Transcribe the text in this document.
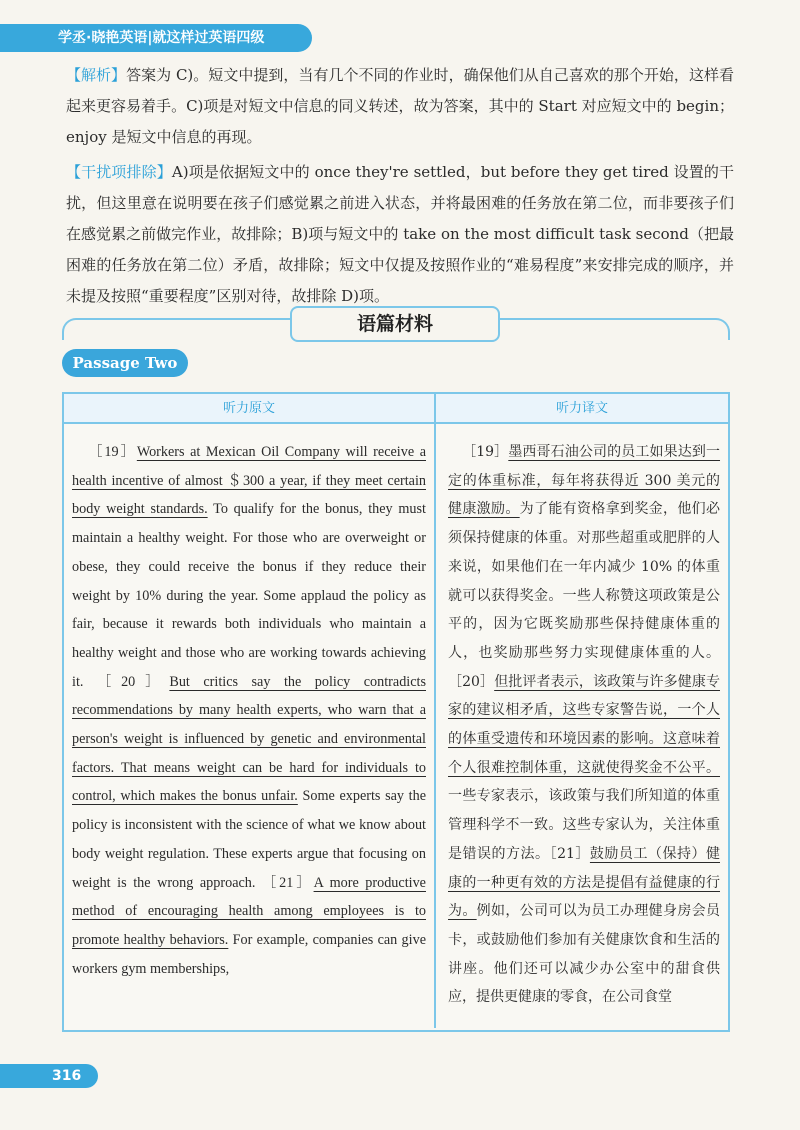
学丞·晓艳英语|就这样过英语四级

【解析】答案为 C)。短文中提到，当有几个不同的作业时，确保他们从自己喜欢的那个开始，这样看起来更容易着手。C)项是对短文中信息的同义转述，故为答案，其中的 Start 对应短文中的 begin；enjoy 是短文中信息的再现。

【干扰项排除】A)项是依据短文中的 once they're settled，but before they get tired 设置的干扰，但这里意在说明要在孩子们感觉累之前进入状态，并将最困难的任务放在第二位，而非要孩子们在感觉累之前做完作业，故排除；B)项与短文中的 take on the most difficult task second（把最困难的任务放在第二位）矛盾，故排除；短文中仅提及按照作业的“难易程度”来安排完成的顺序，并未提及按照“重要程度”区别对待，故排除 D)项。

语篇材料
Passage Two
听力原文	听力译文

 ［19］Workers at Mexican Oil Company will receive a health incentive of almost ＄300 a year, if they meet certain body weight standards. To qualify for the bonus, they must maintain a healthy weight. For those who are overweight or obese, they could receive the bonus if they reduce their weight by 10% during the year. Some applaud the policy as fair, because it rewards both individuals who maintain a healthy weight and those who are working towards achieving it. ［20］But critics say the policy contradicts recommendations by many health experts, who warn that a person's weight is influenced by genetic and environmental factors. That means weight can be hard for individuals to control, which makes the bonus unfair. Some experts say the policy is inconsistent with the science of what we know about body weight regulation. These experts argue that focusing on weight is the wrong approach. ［21］A more productive method of encouraging health among employees is to promote healthy behaviors. For example, companies can give workers gym memberships,

 ［19］墨西哥石油公司的员工如果达到一定的体重标准，每年将获得近 300 美元的健康激励。为了能有资格拿到奖金，他们必须保持健康的体重。对那些超重或肥胖的人来说，如果他们在一年内减少 10% 的体重就可以获得奖金。一些人称赞这项政策是公平的，因为它既奖励那些保持健康体重的人，也奖励那些努力实现健康体重的人。［20］但批评者表示，该政策与许多健康专家的建议相矛盾，这些专家警告说，一个人的体重受遗传和环境因素的影响。这意味着个人很难控制体重，这就使得奖金不公平。一些专家表示，该政策与我们所知道的体重管理科学不一致。这些专家认为，关注体重是错误的方法。［21］鼓励员工（保持）健康的一种更有效的方法是提倡有益健康的行为。例如，公司可以为员工办理健身房会员卡，或鼓励他们参加有关健康饮食和生活的讲座。他们还可以减少办公室中的甜食供应，提供更健康的零食，在公司食堂

316
